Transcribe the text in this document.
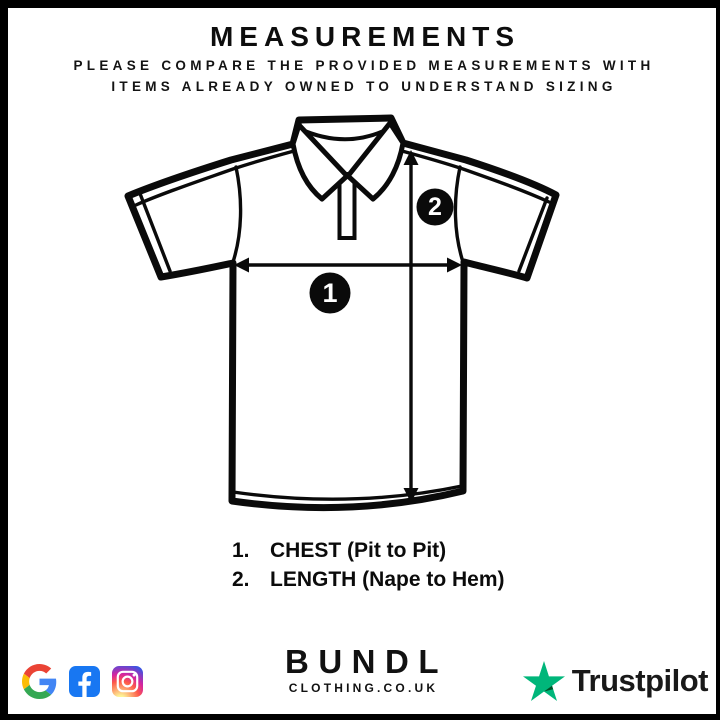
MEASUREMENTS
PLEASE COMPARE THE PROVIDED MEASUREMENTS WITH
ITEMS ALREADY OWNED TO UNDERSTAND SIZING
1
2
1. CHEST (Pit to Pit)
2. LENGTH (Nape to Hem)
BUNDL
CLOTHING.CO.UK	Trustpilot
